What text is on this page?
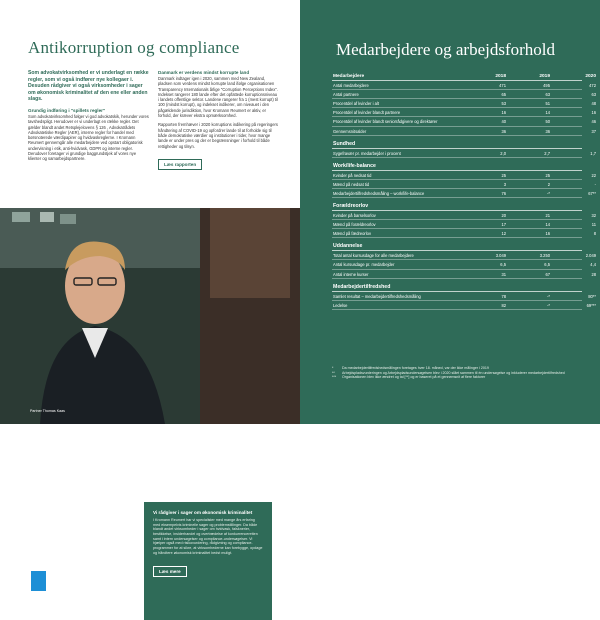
Antikorruption og compliance

Som advokatvirksomhed er vi underlagt en række regler, som vi også indfører nye kollegaer i. Desuden rådgiver vi også virksomheder i sager om økonomisk kriminalitet af den ene eller anden slags.

Grundig indføring i "spillets regler"

Som advokatvirksomhed følger vi god advokatskik, herunder vores tavshedspligt. Herudover er vi underlagt en række regler. Det gælder blandt andet Retsplejelovens § 126 , Advokatrådets Advokatetiske Regler (AER), interne regler for handel med børsnoterede værdipapirer og hvidvaskreglerne. I Kromann Reumert gennemgår alle medarbejdere ved opstart obligatorisk undervisning i etik, anti-hvidvask, GDPR og interne regler. Derudover foretager vi grundige baggrundstjek af vores nye klienter og samarbejdspartnere.

Danmark er verdens mindst korrupte land

Danmark indtager igen i 2020, sammen med New Zealand, pladsen som verdens mindst korrupte land ifølge organisationen Transparency Internationals årlige "Corruption Perceptions Index". Indekset rangerer 180 lande efter det opfattede korruptionsniveau i landets offentlige sektor. Landene rangerer fra 1 (mest korrupt) til 100 (mindst korrupt), og indekset indikerer, om niveauet i den pågældende jurisdiktion, hvor Kromann Reumert er aktiv, er forhold, der kræver ekstra opmærksomhed.

Rapporten fremhæver i 2020 korruptions indikering på regeringers håndtering af COVID-19 og opfordrer lande til at forholde sig til både demokratiske værdier og institutioner i tider, hvor mange lande er under pres og der er begrænsninger i forhold til både rettigheder og tilsyn.

Læs rapporten

Vi rådgiver i sager om økonomisk kriminalitet

I Kromann Reumert har vi specialister med mange års erfaring med eksempelvis kriminelle sager og problemstillinger. Da både blandt andet virksomheder i sager om hvidvask, falsknerier, bestikkelse, insiderhandel og overtrædelse af konkurrenceretten samt i intern undersøgelser og compliance-undersøgelser. Vi hjælper også med risikovurdering, rådgivning og compliance-programmer for at sikre, at virksomhederne kan forebygge, opdage og håndtere økonomisk kriminalitet bedst muligt.

Læs mere
Partner Thomas Kaas
Medarbejdere og arbejdsforhold
Medarbejdere	2018	2019	2020
Antal medarbejdere	471	495	472
Antal partnere	65	63	63
Procentdel af kvinder i alt	53	51	48
Procentdel af kvinder blandt partnere	16	14	16
Procentdel af kvinder blandt seniorrådgivere og direktører	40	50	46
Gennemsnitsalder	36	36	37
Sundhed
Sygefravær pr. medarbejder i procent	2,0	2,7	1,7
Work/life-balance
Kvinder på nedsat tid	25	25	22
Mænd på nedsat tid	3	2	-
Medarbejdertilfredshedsmåling – work/life-balance	76	-*	67**
Forældreorlov
Kvinder på barselsorlov	20	21	32
Mænd på forældreorlov	17	14	11
Mænd på fædreorlov	12	16	8
Uddannelse
Total antal kursusdage for alle medarbejdere	3.049	3.250	2.049
Antal kursusdage pr. medarbejder	6,5	6,5	4,4
Antal interne kurser	31	67	28
Medarbejdertilfredshed
Samlet resultat – medarbejdertilfredshedsmåling	78	-*	80**
Ledelse	82	-*	69***
* Da medarbejdertilfredshedsmålingen foretages hver 18. måned, var der ikke målinger i 2019
** Arbejdspladsvurderingen og Arbejdspladsundersøgelsen blev i 2020 slået sammen til én undersøgelse og inkluderer medarbejdertilfredshed
*** Organisationen blev ikke ændret og tal [**] og er baseret på et gennemsnit af flere faktorer
